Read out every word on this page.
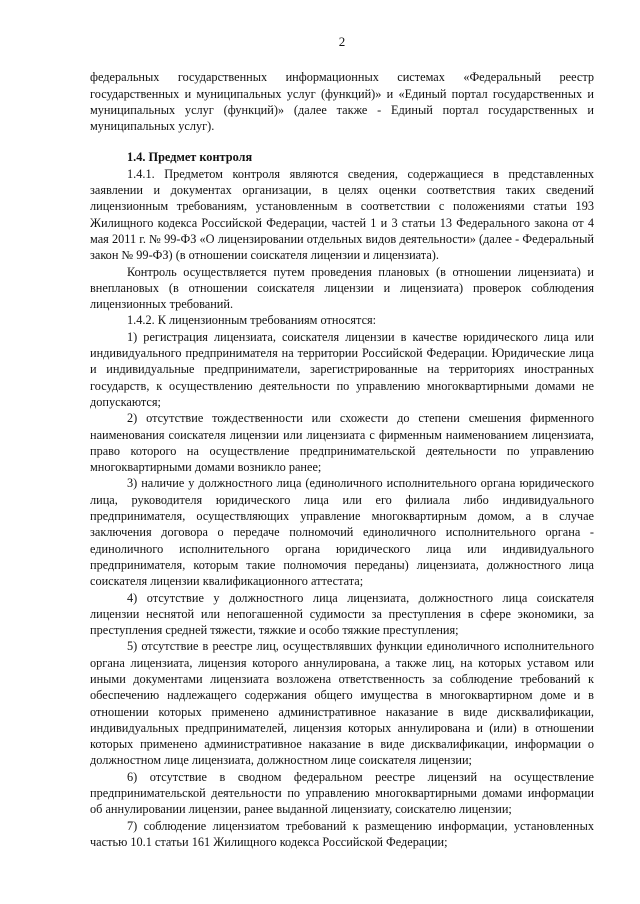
2

федеральных государственных информационных системах «Федеральный реестр государственных и муниципальных услуг (функций)» и «Единый портал государственных и муниципальных услуг (функций)» (далее также - Единый портал государственных и муниципальных услуг).

1.4. Предмет контроля

1.4.1. Предметом контроля являются сведения, содержащиеся в представленных заявлении и документах организации, в целях оценки соответствия таких сведений лицензионным требованиям, установленным в соответствии с положениями статьи 193 Жилищного кодекса Российской Федерации, частей 1 и 3 статьи 13 Федерального закона от 4 мая 2011 г. № 99-ФЗ «О лицензировании отдельных видов деятельности» (далее - Федеральный закон № 99-ФЗ) (в отношении соискателя лицензии и лицензиата).

Контроль осуществляется путем проведения плановых (в отношении лицензиата) и внеплановых (в отношении соискателя лицензии и лицензиата) проверок соблюдения лицензионных требований.

1.4.2. К лицензионным требованиям относятся:

1) регистрация лицензиата, соискателя лицензии в качестве юридического лица или индивидуального предпринимателя на территории Российской Федерации. Юридические лица и индивидуальные предприниматели, зарегистрированные на территориях иностранных государств, к осуществлению деятельности по управлению многоквартирными домами не допускаются;

2) отсутствие тождественности или схожести до степени смешения фирменного наименования соискателя лицензии или лицензиата с фирменным наименованием лицензиата, право которого на осуществление предпринимательской деятельности по управлению многоквартирными домами возникло ранее;

3) наличие у должностного лица (единоличного исполнительного органа юридического лица, руководителя юридического лица или его филиала либо индивидуального предпринимателя, осуществляющих управление многоквартирным домом, а в случае заключения договора о передаче полномочий единоличного исполнительного органа - единоличного исполнительного органа юридического лица или индивидуального предпринимателя, которым такие полномочия переданы) лицензиата, должностного лица соискателя лицензии квалификационного аттестата;

4) отсутствие у должностного лица лицензиата, должностного лица соискателя лицензии неснятой или непогашенной судимости за преступления в сфере экономики, за преступления средней тяжести, тяжкие и особо тяжкие преступления;

5) отсутствие в реестре лиц, осуществлявших функции единоличного исполнительного органа лицензиата, лицензия которого аннулирована, а также лиц, на которых уставом или иными документами лицензиата возложена ответственность за соблюдение требований к обеспечению надлежащего содержания общего имущества в многоквартирном доме и в отношении которых применено административное наказание в виде дисквалификации, индивидуальных предпринимателей, лицензия которых аннулирована и (или) в отношении которых применено административное наказание в виде дисквалификации, информации о должностном лице лицензиата, должностном лице соискателя лицензии;

6) отсутствие в сводном федеральном реестре лицензий на осуществление предпринимательской деятельности по управлению многоквартирными домами информации об аннулировании лицензии, ранее выданной лицензиату, соискателю лицензии;

7) соблюдение лицензиатом требований к размещению информации, установленных частью 10.1 статьи 161 Жилищного кодекса Российской Федерации;
